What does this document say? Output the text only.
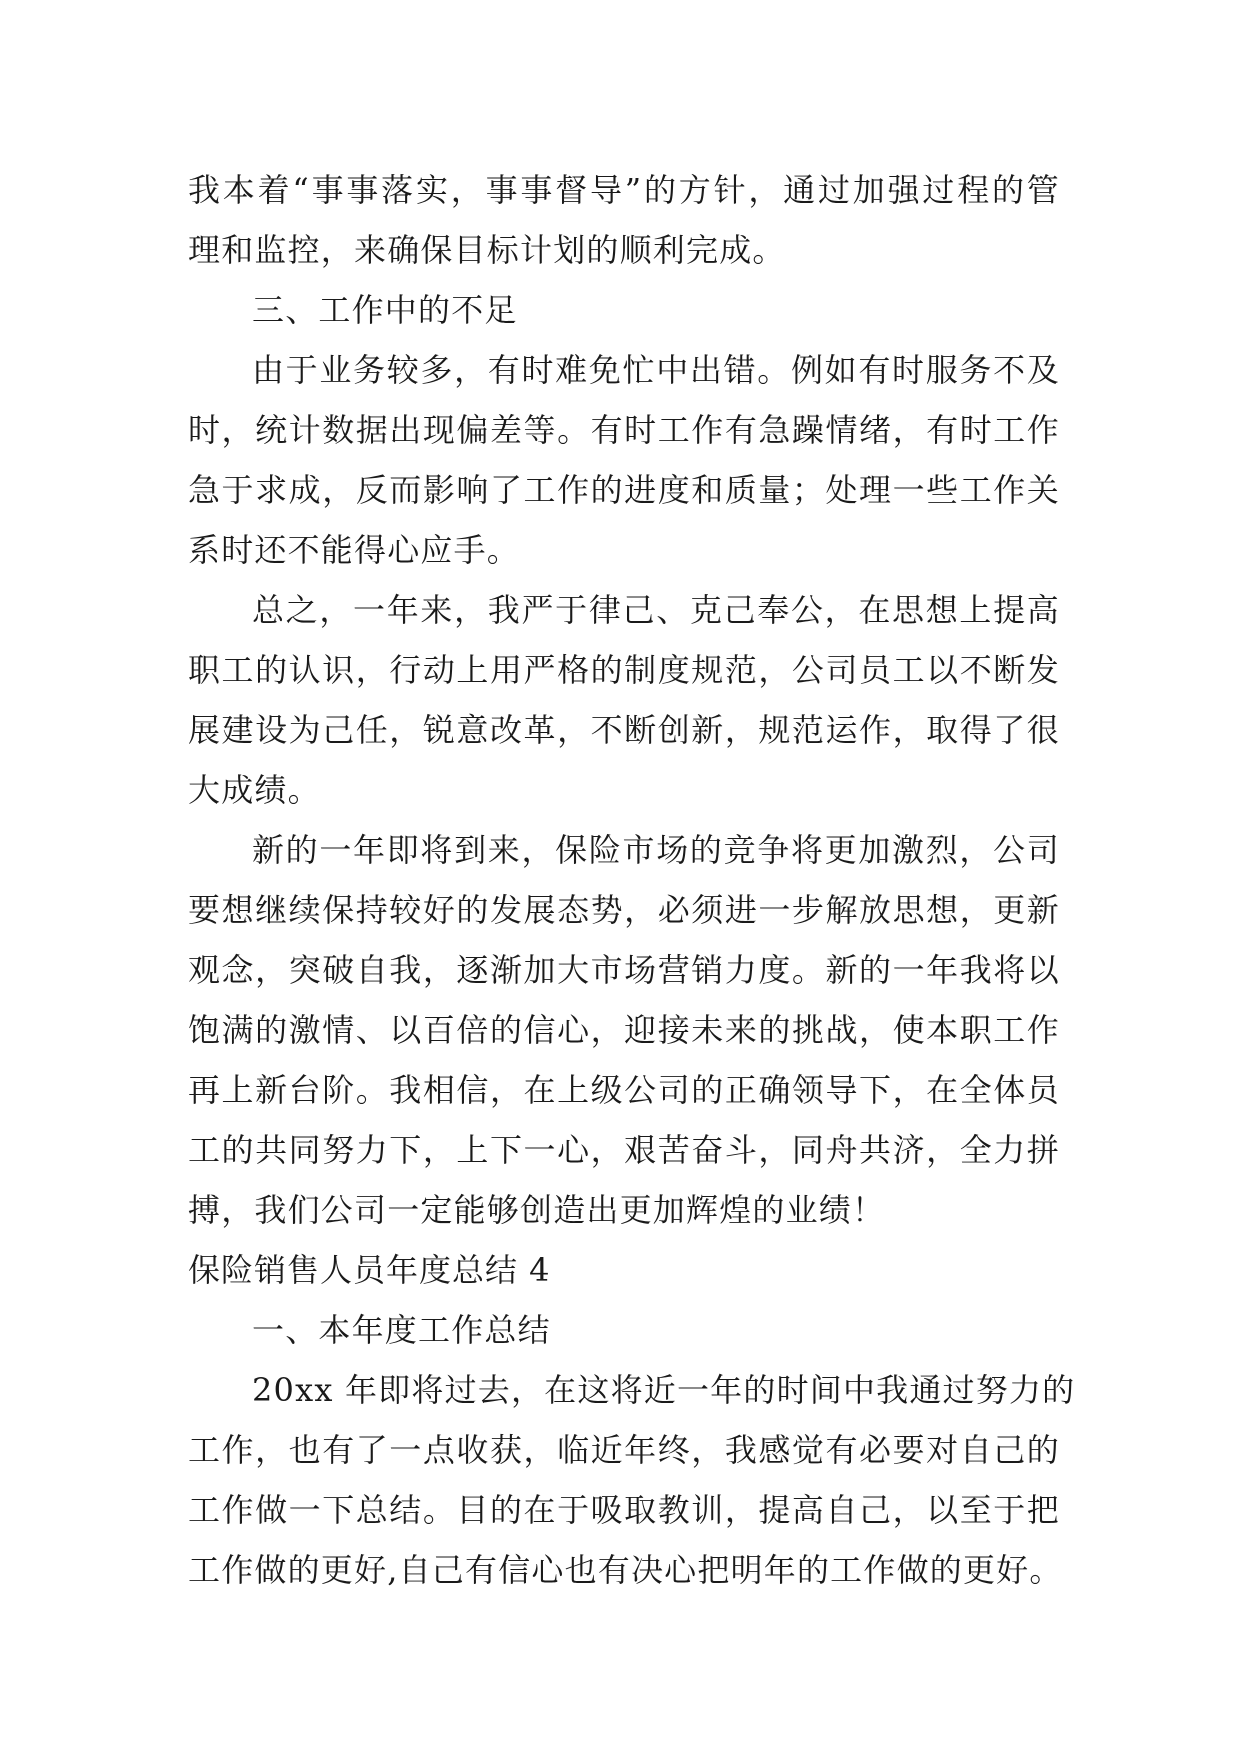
我本着“事事落实，事事督导”的方针，通过加强过程的管
理和监控，来确保目标计划的顺利完成。
三、工作中的不足
由于业务较多，有时难免忙中出错。例如有时服务不及
时，统计数据出现偏差等。有时工作有急躁情绪，有时工作
急于求成，反而影响了工作的进度和质量；处理一些工作关
系时还不能得心应手。
总之，一年来，我严于律己、克己奉公，在思想上提高
职工的认识，行动上用严格的制度规范，公司员工以不断发
展建设为己任，锐意改革，不断创新，规范运作，取得了很
大成绩。
新的一年即将到来，保险市场的竞争将更加激烈，公司
要想继续保持较好的发展态势，必须进一步解放思想，更新
观念，突破自我，逐渐加大市场营销力度。新的一年我将以
饱满的激情、以百倍的信心，迎接未来的挑战，使本职工作
再上新台阶。我相信，在上级公司的正确领导下，在全体员
工的共同努力下，上下一心，艰苦奋斗，同舟共济，全力拼
搏，我们公司一定能够创造出更加辉煌的业绩！
保险销售人员年度总结 4
一、本年度工作总结
20xx 年即将过去，在这将近一年的时间中我通过努力的
工作，也有了一点收获，临近年终，我感觉有必要对自己的
工作做一下总结。目的在于吸取教训，提高自己，以至于把
工作做的更好,自己有信心也有决心把明年的工作做的更好。
